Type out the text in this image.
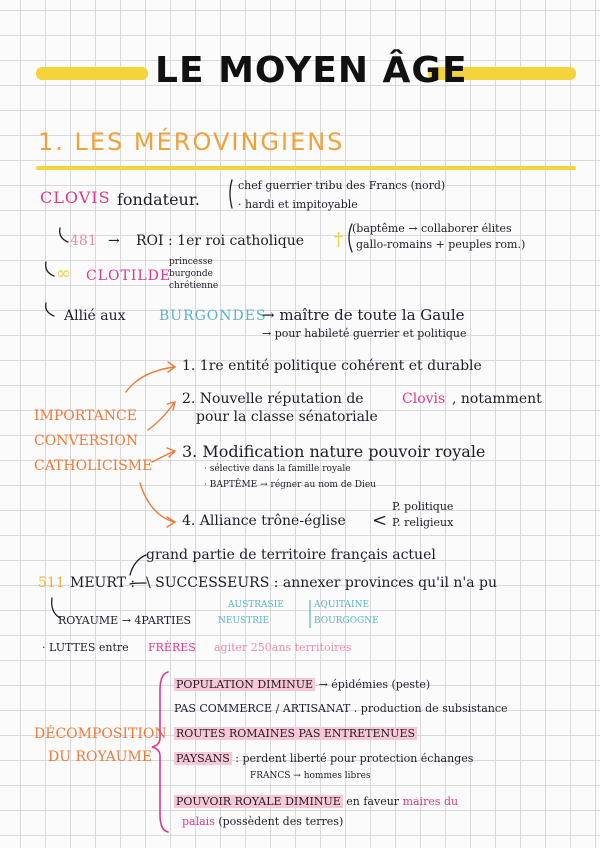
LE MOYEN ÂGE
1. LES MÉROVINGIENS
CLOVIS fondateur.
chef guerrier tribu des Francs (nord)
· hardi et impitoyable
481 → ROI : 1er roi catholique †
(baptême → collaborer élites
gallo-romains + peuples rom.)
∞ CLOTILDE
princesse
burgonde
chrétienne
Allié aux BURGONDES
→ maître de toute la Gaule
→ pour habileté guerrier et politique
IMPORTANCE
CONVERSION
CATHOLICISME
1. 1re entité politique cohérent et durable
2. Nouvelle réputation de	Clovis , notamment
pour la classe sénatoriale
3. Modification nature pouvoir royale
· sélective dans la famille royale
· BAPTÊME → régner au nom de Dieu
4. Alliance trône-église <
P. politique
P. religieux
511 MEURT :
grand partie de territoire français actuel
\ SUCCESSEURS : annexer provinces qu'il n'a pu
ROYAUME → 4PARTIES
AUSTRASIE
NEUSTRIE
AQUITAINE
BOURGOGNE
· LUTTES entre FRÈRES agiter 250ans territoires
DÉCOMPOSITION
DU ROYAUME
POPULATION DIMINUE → épidémies (peste)
PAS COMMERCE / ARTISANAT . production de subsistance
ROUTES ROMAINES PAS ENTRETENUES
PAYSANS : perdent liberté pour protection échanges
FRANCS → hommes libres
POUVOIR ROYALE DIMINUE en faveur maires du
palais (possèdent des terres)
